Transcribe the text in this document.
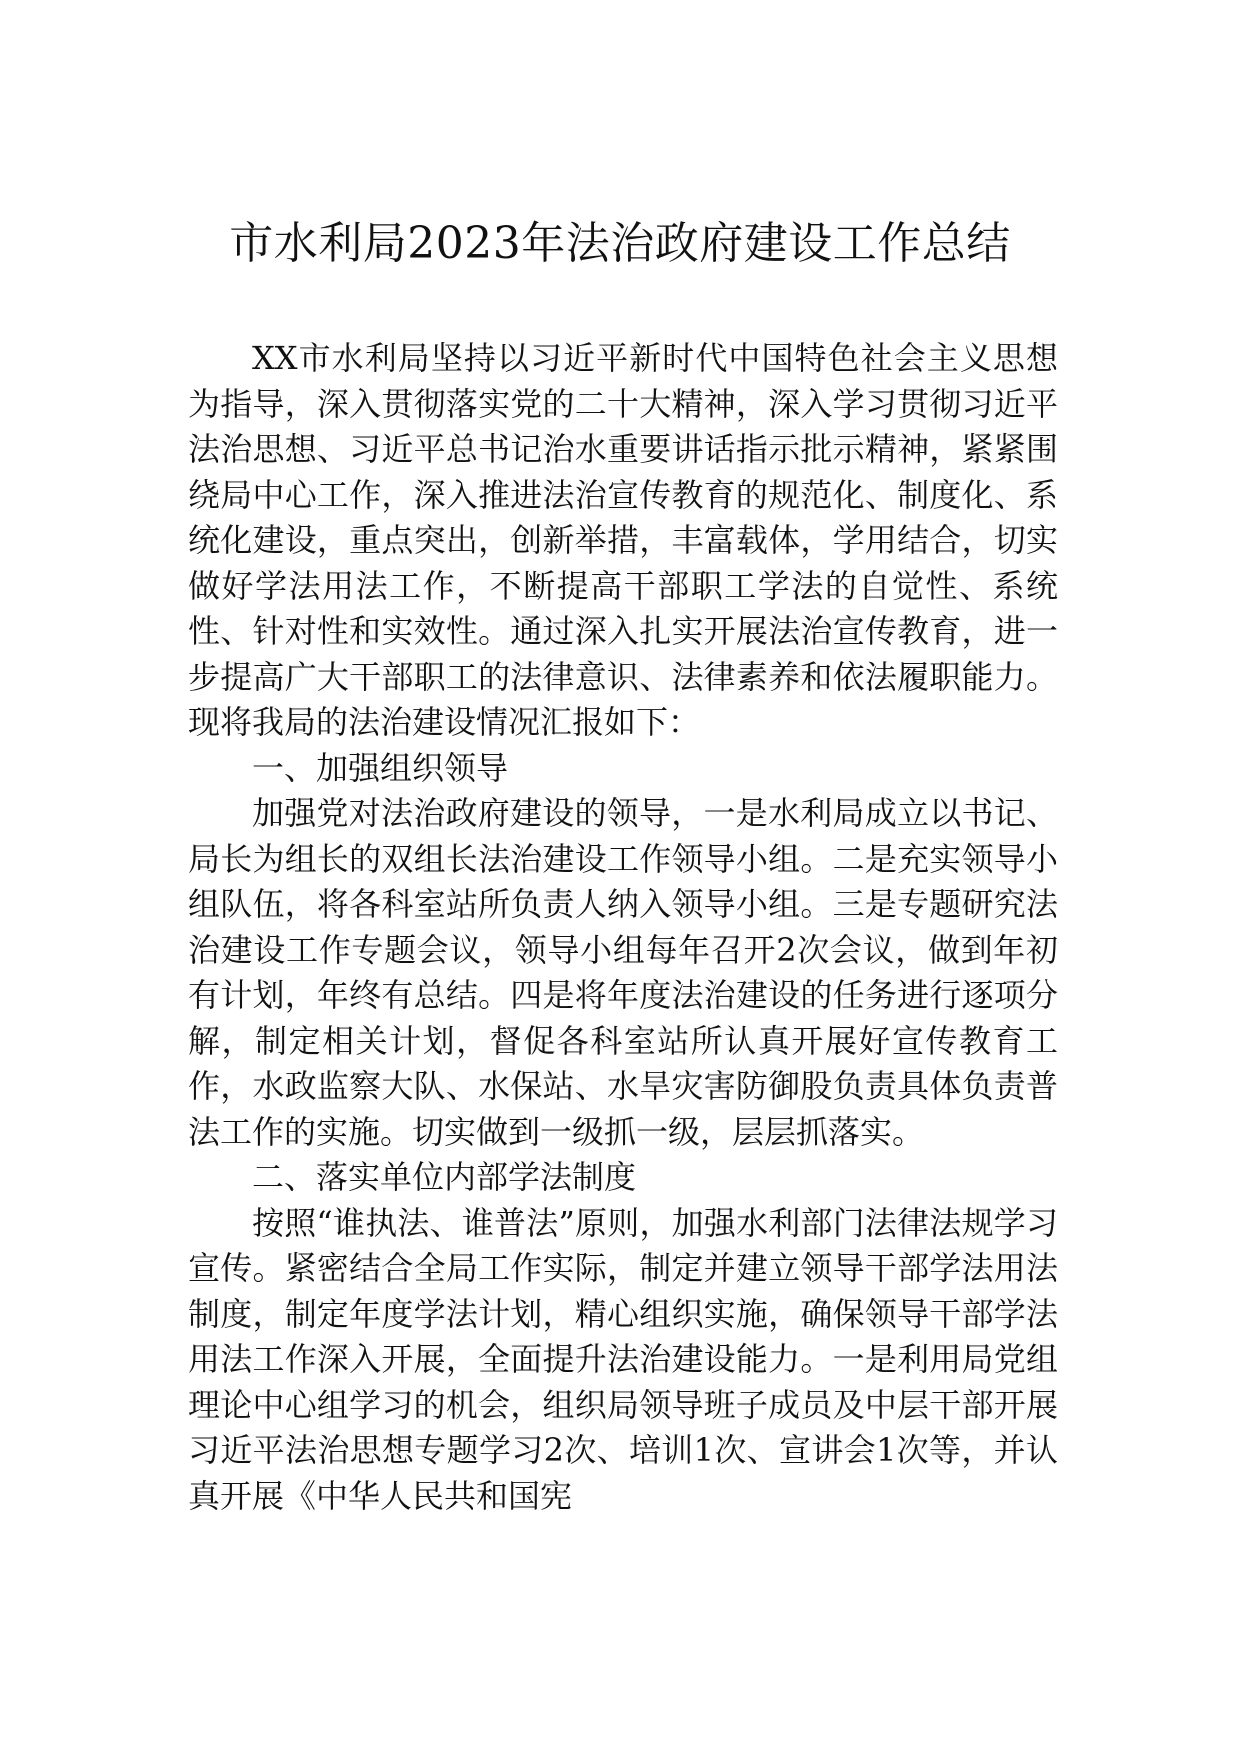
市水利局2023年法治政府建设工作总结

XX市水利局坚持以习近平新时代中国特色社会主义思想为指导，深入贯彻落实党的二十大精神，深入学习贯彻习近平法治思想、习近平总书记治水重要讲话指示批示精神，紧紧围绕局中心工作，深入推进法治宣传教育的规范化、制度化、系统化建设，重点突出，创新举措，丰富载体，学用结合，切实做好学法用法工作，不断提高干部职工学法的自觉性、系统性、针对性和实效性。通过深入扎实开展法治宣传教育，进一步提高广大干部职工的法律意识、法律素养和依法履职能力。现将我局的法治建设情况汇报如下：

一、加强组织领导

加强党对法治政府建设的领导，一是水利局成立以书记、局长为组长的双组长法治建设工作领导小组。二是充实领导小组队伍，将各科室站所负责人纳入领导小组。三是专题研究法治建设工作专题会议，领导小组每年召开2次会议，做到年初有计划，年终有总结。四是将年度法治建设的任务进行逐项分解，制定相关计划，督促各科室站所认真开展好宣传教育工作，水政监察大队、水保站、水旱灾害防御股负责具体负责普法工作的实施。切实做到一级抓一级，层层抓落实。

二、落实单位内部学法制度

按照“谁执法、谁普法”原则，加强水利部门法律法规学习宣传。紧密结合全局工作实际，制定并建立领导干部学法用法制度，制定年度学法计划，精心组织实施，确保领导干部学法用法工作深入开展，全面提升法治建设能力。一是利用局党组理论中心组学习的机会，组织局领导班子成员及中层干部开展习近平法治思想专题学习2次、培训1次、宣讲会1次等，并认真开展《中华人民共和国宪
